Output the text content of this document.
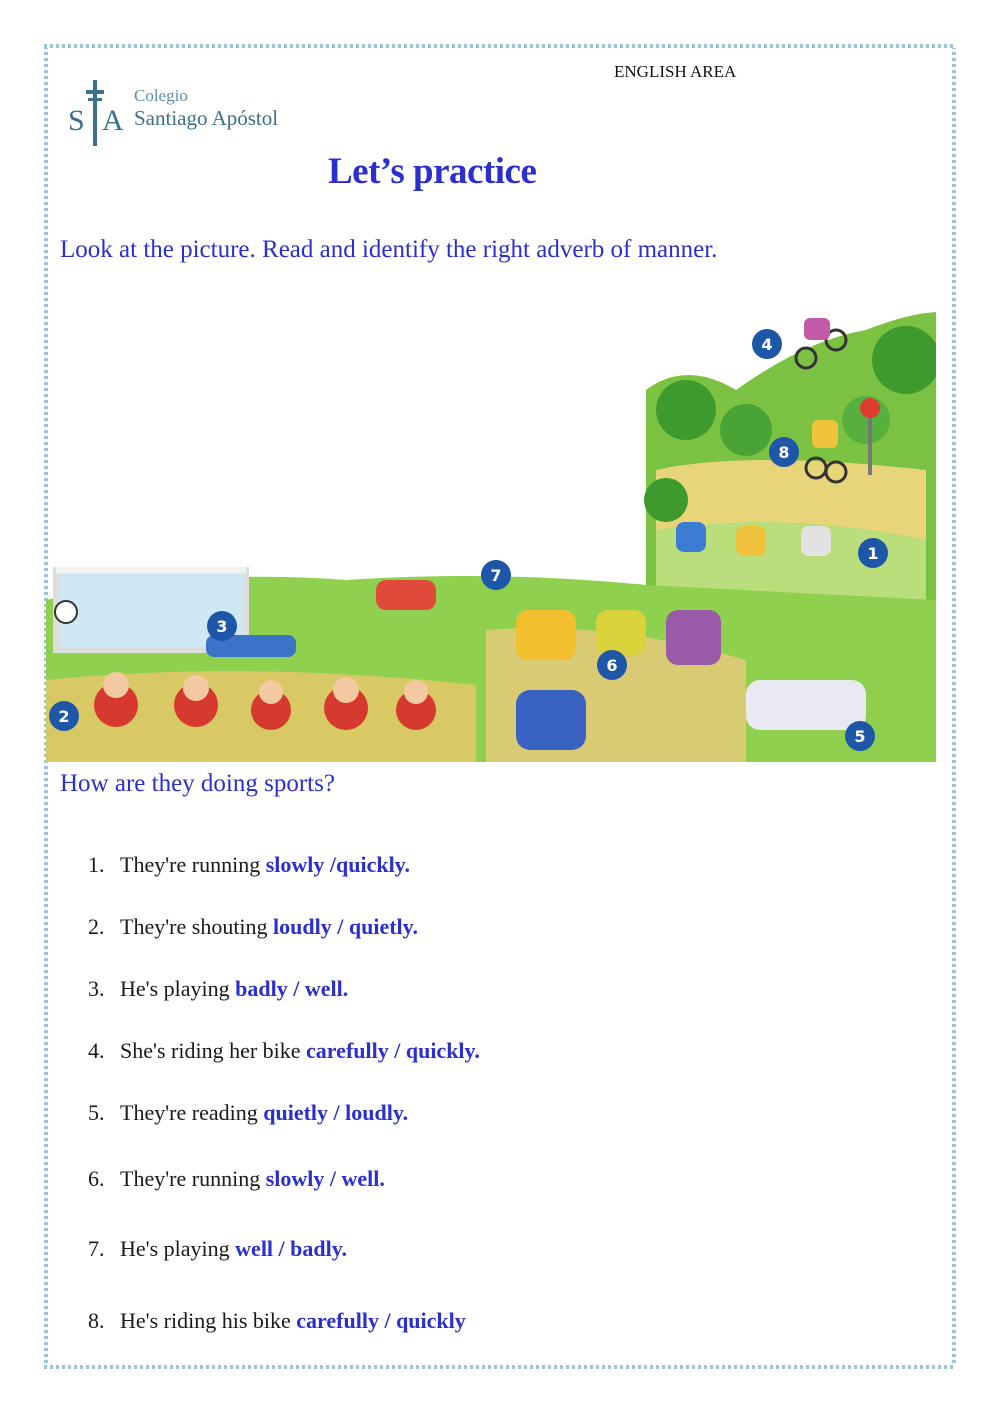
ENGLISH AREA
S A
Colegio
Santiago Apóstol
Let’s practice
Look at the picture. Read and identify the right adverb of manner.
4
8
1
7
3
6
2
5
How are they doing sports?
1. They're running slowly /quickly.
2. They're shouting loudly / quietly.
3. He's playing badly / well.
4. She's riding her bike carefully / quickly.
5. They're reading quietly / loudly.
6. They're running slowly / well.
7. He's playing well / badly.
8. He's riding his bike carefully / quickly
